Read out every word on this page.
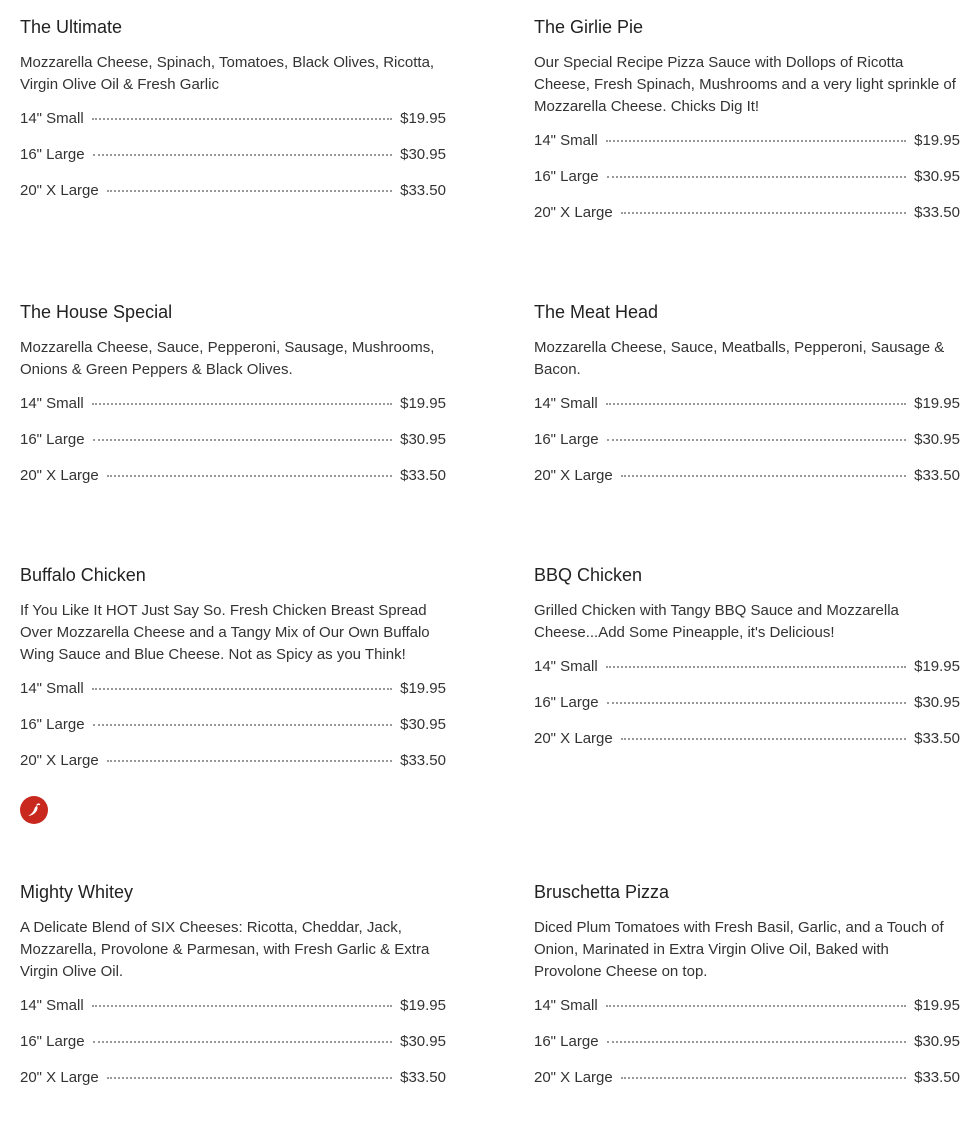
The Ultimate
Mozzarella Cheese, Spinach, Tomatoes, Black Olives, Ricotta, Virgin Olive Oil & Fresh Garlic
14" Small	$19.95
16" Large	$30.95
20" X Large	$33.50
The Girlie Pie
Our Special Recipe Pizza Sauce with Dollops of Ricotta Cheese, Fresh Spinach, Mushrooms and a very light sprinkle of Mozzarella Cheese. Chicks Dig It!
14" Small	$19.95
16" Large	$30.95
20" X Large	$33.50
The House Special
Mozzarella Cheese, Sauce, Pepperoni, Sausage, Mushrooms, Onions & Green Peppers & Black Olives.
14" Small	$19.95
16" Large	$30.95
20" X Large	$33.50
The Meat Head
Mozzarella Cheese, Sauce, Meatballs, Pepperoni, Sausage & Bacon.
14" Small	$19.95
16" Large	$30.95
20" X Large	$33.50
Buffalo Chicken
If You Like It HOT Just Say So. Fresh Chicken Breast Spread Over Mozzarella Cheese and a Tangy Mix of Our Own Buffalo Wing Sauce and Blue Cheese. Not as Spicy as you Think!
14" Small	$19.95
16" Large	$30.95
20" X Large	$33.50
BBQ Chicken
Grilled Chicken with Tangy BBQ Sauce and Mozzarella Cheese...Add Some Pineapple, it's Delicious!
14" Small	$19.95
16" Large	$30.95
20" X Large	$33.50
Mighty Whitey
A Delicate Blend of SIX Cheeses: Ricotta, Cheddar, Jack, Mozzarella, Provolone & Parmesan, with Fresh Garlic & Extra Virgin Olive Oil.
14" Small	$19.95
16" Large	$30.95
20" X Large	$33.50
Bruschetta Pizza
Diced Plum Tomatoes with Fresh Basil, Garlic, and a Touch of Onion, Marinated in Extra Virgin Olive Oil, Baked with Provolone Cheese on top.
14" Small	$19.95
16" Large	$30.95
20" X Large	$33.50
